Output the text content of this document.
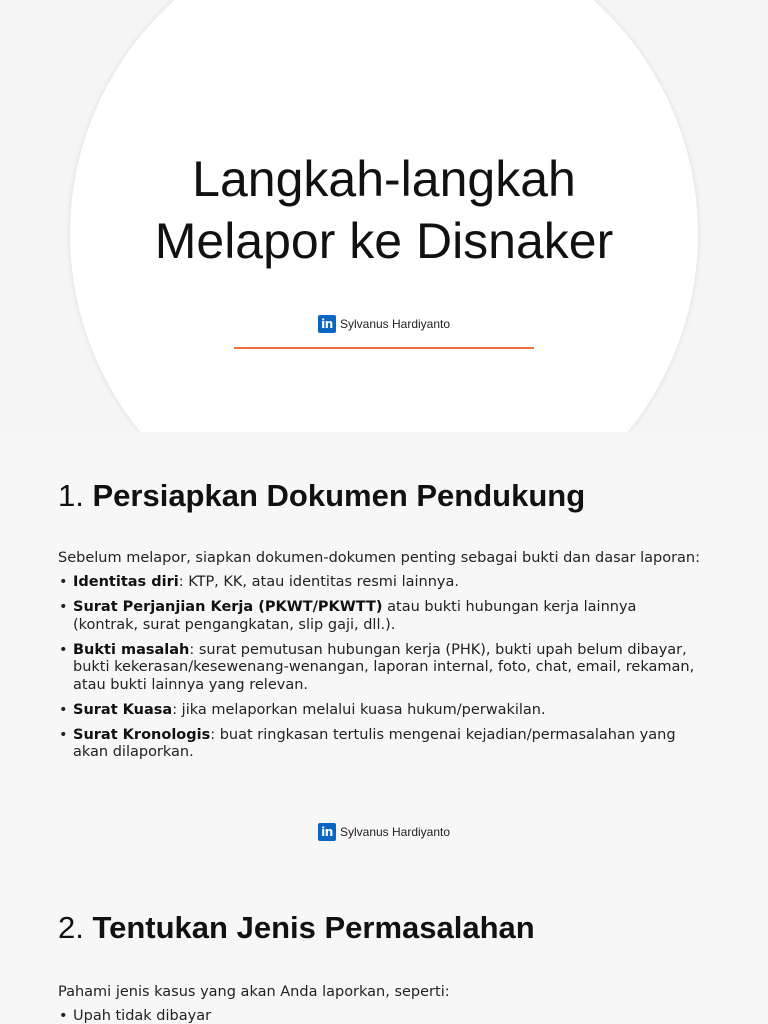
Langkah-langkah
Melapor ke Disnaker
in Sylvanus Hardiyanto
1. Persiapkan Dokumen Pendukung

Sebelum melapor, siapkan dokumen-dokumen penting sebagai bukti dan dasar laporan:

• Identitas diri: KTP, KK, atau identitas resmi lainnya.
• Surat Perjanjian Kerja (PKWT/PKWTT) atau bukti hubungan kerja lainnya (kontrak, surat pengangkatan, slip gaji, dll.).
• Bukti masalah: surat pemutusan hubungan kerja (PHK), bukti upah belum dibayar, bukti kekerasan/kesewenang-wenangan, laporan internal, foto, chat, email, rekaman, atau bukti lainnya yang relevan.
• Surat Kuasa: jika melaporkan melalui kuasa hukum/perwakilan.
• Surat Kronologis: buat ringkasan tertulis mengenai kejadian/permasalahan yang akan dilaporkan.
in Sylvanus Hardiyanto
2. Tentukan Jenis Permasalahan

Pahami jenis kasus yang akan Anda laporkan, seperti:

• Upah tidak dibayar
